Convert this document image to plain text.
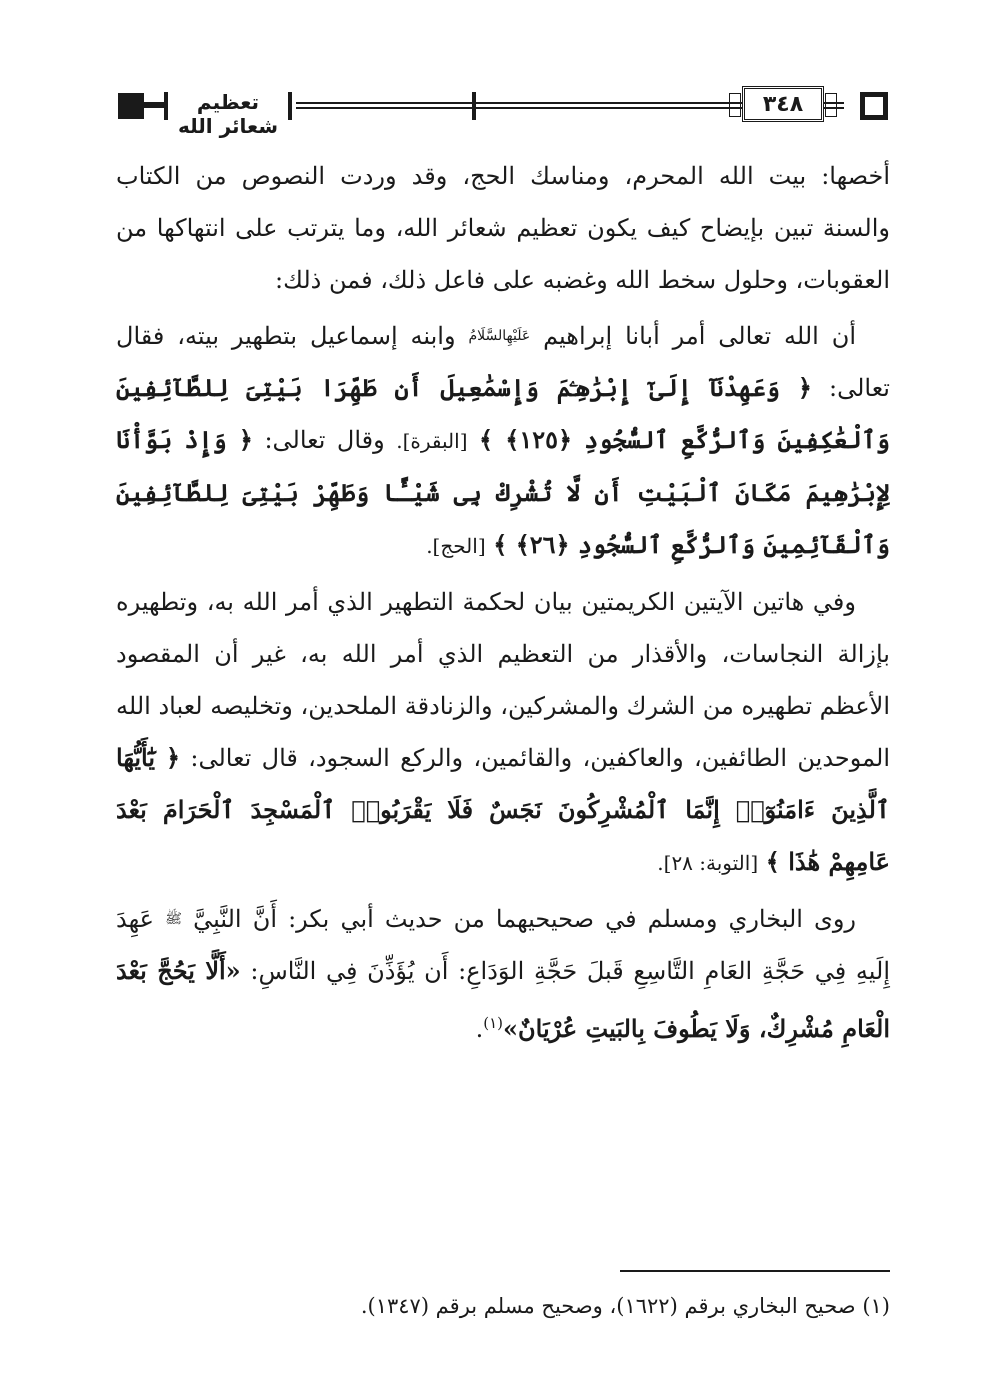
تعظيم شعائر الله
٣٤٨

أخصها: بيت الله المحرم، ومناسك الحج، وقد وردت النصوص من الكتاب والسنة تبين بإيضاح كيف يكون تعظيم شعائر الله، وما يترتب على انتهاكها من العقوبات، وحلول سخط الله وغضبه على فاعل ذلك، فمن ذلك:

أن الله تعالى أمر أبانا إبراهيم $^{عَلَيْهِالسَّلَامُ}$ وابنه إسماعيل بتطهير بيته، فقال تعالى: ﴿ وَعَهِدْنَآ إِلَىٰٓ إِبْرَٰهِـۧمَ وَإِسْمَٰعِيلَ أَن طَهِّرَا بَيْتِىَ لِلطَّآئِفِينَ وَٱلْعَٰكِفِينَ وَٱلرُّكَّعِ ٱلسُّجُودِ ﴿١٢٥﴾ ﴾ [البقرة]. وقال تعالى: ﴿ وَإِذْ بَوَّأْنَا لِإِبْرَٰهِيمَ مَكَانَ ٱلْبَيْتِ أَن لَّا تُشْرِكْ بِى شَيْـًٔا وَطَهِّرْ بَيْتِىَ لِلطَّآئِفِينَ وَٱلْقَآئِمِينَ وَٱلرُّكَّعِ ٱلسُّجُودِ ﴿٢٦﴾ ﴾ [الحج].

وفي هاتين الآيتين الكريمتين بيان لحكمة التطهير الذي أمر الله به، وتطهيره بإزالة النجاسات، والأقذار من التعظيم الذي أمر الله به، غير أن المقصود الأعظم تطهيره من الشرك والمشركين، والزنادقة الملحدين، وتخليصه لعباد الله الموحدين الطائفين، والعاكفين، والقائمين، والركع السجود، قال تعالى: ﴿ يَٰٓأَيُّهَا ٱلَّذِينَ ءَامَنُوٓا۟ إِنَّمَا ٱلْمُشْرِكُونَ نَجَسٌ فَلَا يَقْرَبُوا۟ ٱلْمَسْجِدَ ٱلْحَرَامَ بَعْدَ عَامِهِمْ هَٰذَا ﴾ [التوبة: ٢٨].

روى البخاري ومسلم في صحيحيهما من حديث أبي بكر: أَنَّ النَّبِيَّ $^ﷺ$ عَهِدَ إِلَيهِ فِي حَجَّةِ العَامِ التَّاسِعِ قَبلَ حَجَّةِ الوَدَاعِ: أَن يُؤَذِّنَ فِي النَّاسِ: «أَلَّا يَحُجَّ بَعْدَ الْعَامِ مُشْرِكٌ، وَلَا يَطُوفَ بِالبَيتِ عُرْيَانٌ»$^{(١)}$.

(١) صحيح البخاري برقم (١٦٢٢)، وصحيح مسلم برقم (١٣٤٧).
